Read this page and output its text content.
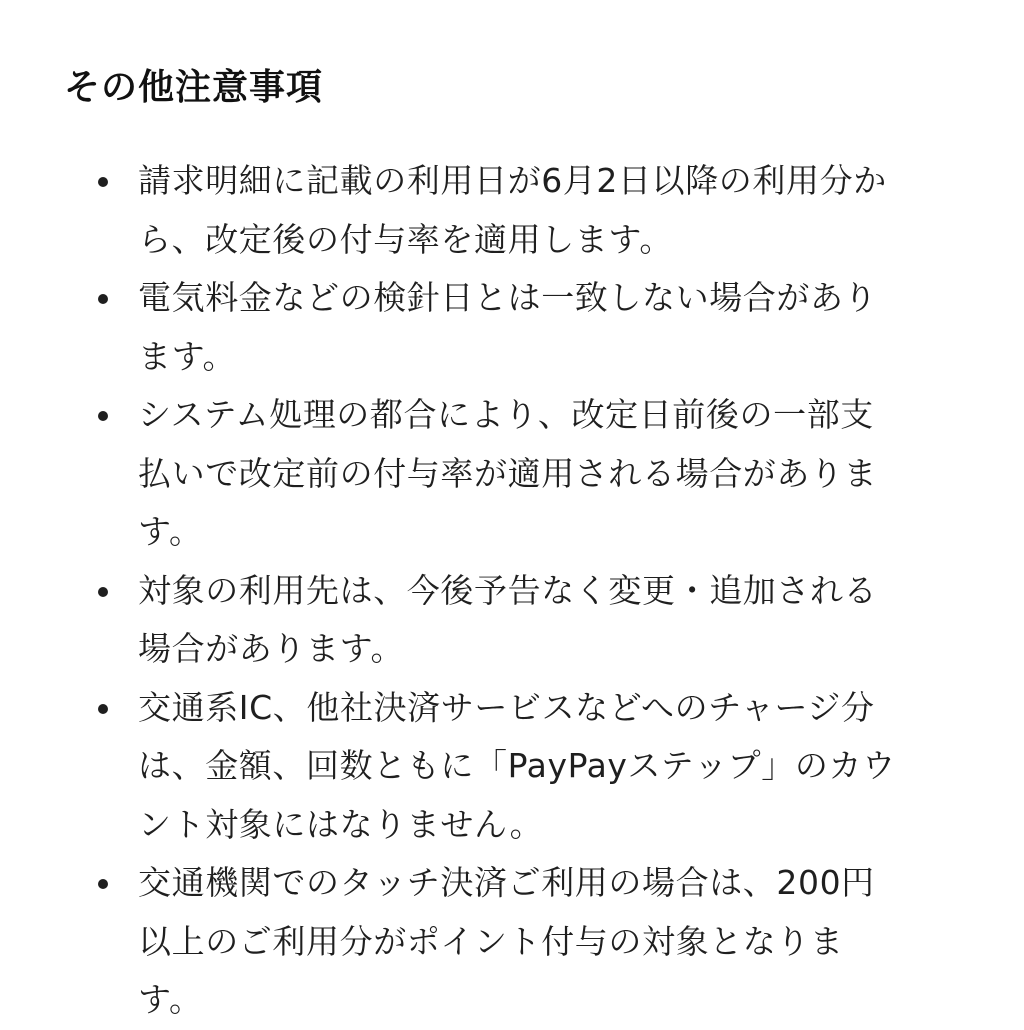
その他注意事項
請求明細に記載の利用日が6月2日以降の利用分か
ら、改定後の付与率を適用します。
電気料金などの検針日とは一致しない場合があり
ます。
システム処理の都合により、改定日前後の一部支
払いで改定前の付与率が適用される場合がありま
す。
対象の利用先は、今後予告なく変更・追加される
場合があります。
交通系IC、他社決済サービスなどへのチャージ分
は、金額、回数ともに「PayPayステップ」のカウ
ント対象にはなりません。
交通機関でのタッチ決済ご利用の場合は、200円
以上のご利用分がポイント付与の対象となりま
す。
